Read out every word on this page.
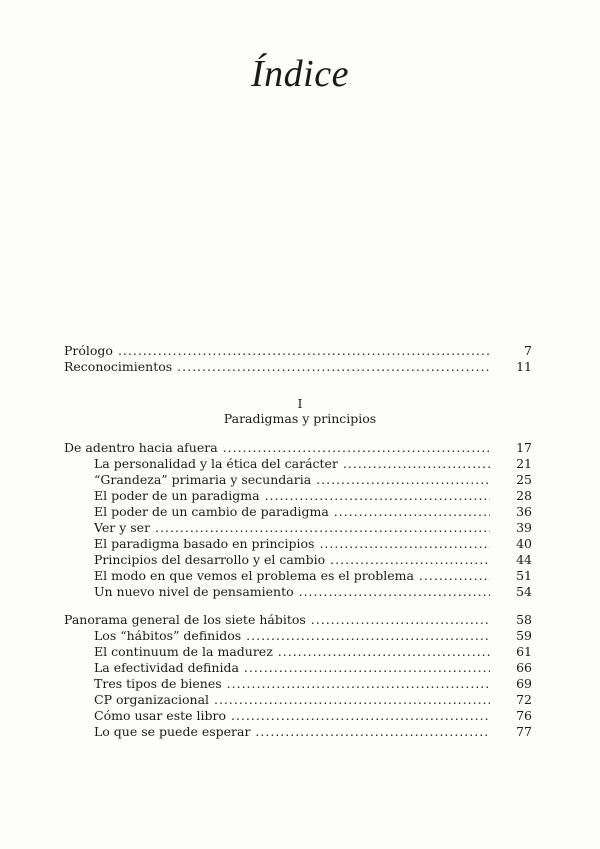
Índice
Prólogo .....	7
Reconocimientos .....	11
I
Paradigmas y principios
De adentro hacia afuera .....	17
La personalidad y la ética del carácter .....	21
“Grandeza” primaria y secundaria .....	25
El poder de un paradigma .....	28
El poder de un cambio de paradigma .....	36
Ver y ser .....	39
El paradigma basado en principios .....	40
Principios del desarrollo y el cambio .....	44
El modo en que vemos el problema es el problema .....	51
Un nuevo nivel de pensamiento .....	54
Panorama general de los siete hábitos .....	58
Los “hábitos” definidos .....	59
El continuum de la madurez .....	61
La efectividad definida .....	66
Tres tipos de bienes .....	69
CP organizacional .....	72
Cómo usar este libro .....	76
Lo que se puede esperar .....	77
